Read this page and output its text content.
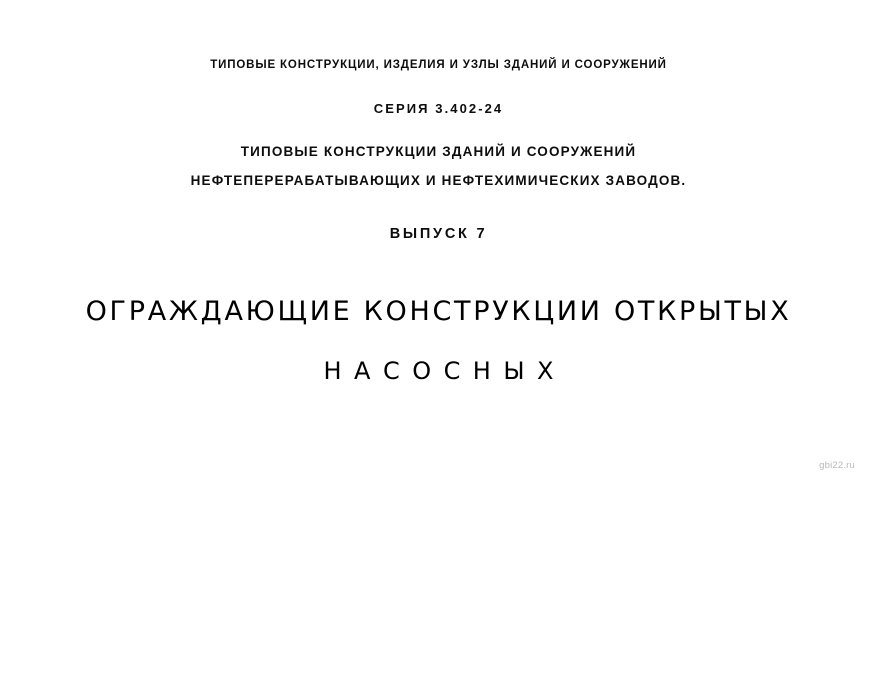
ТИПОВЫЕ КОНСТРУКЦИИ, ИЗДЕЛИЯ И УЗЛЫ ЗДАНИЙ И СООРУЖЕНИЙ
СЕРИЯ 3.402-24
ТИПОВЫЕ КОНСТРУКЦИИ ЗДАНИЙ И СООРУЖЕНИЙ
НЕФТЕПЕРЕРАБАТЫВАЮЩИХ И НЕФТЕХИМИЧЕСКИХ ЗАВОДОВ.
ВЫПУСК 7
ОГРАЖДАЮЩИЕ КОНСТРУКЦИИ ОТКРЫТЫХ
НАСОСНЫХ
gbi22.ru
